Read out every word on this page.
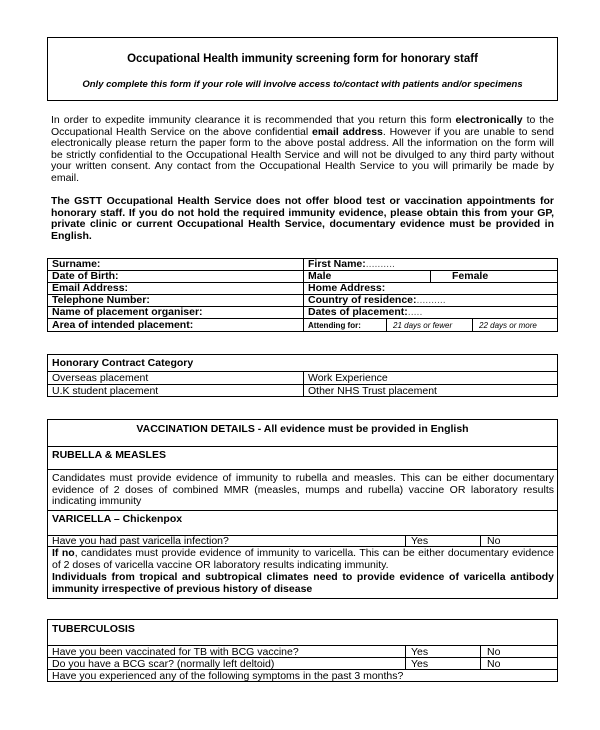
Occupational Health immunity screening form for honorary staff
Only complete this form if your role will involve access to/contact with patients and/or specimens
In order to expedite immunity clearance it is recommended that you return this form electronically to the Occupational Health Service on the above confidential email address. However if you are unable to send electronically please return the paper form to the above postal address. All the information on the form will be strictly confidential to the Occupational Health Service and will not be divulged to any third party without your written consent. Any contact from the Occupational Health Service to you will primarily be made by email.
The GSTT Occupational Health Service does not offer blood test or vaccination appointments for honorary staff. If you do not hold the required immunity evidence, please obtain this from your GP, private clinic or current Occupational Health Service, documentary evidence must be provided in English.
Surname:	First Name:..........
Date of Birth:	Male	Female
Email Address:	Home Address:
Telephone Number:	Country of residence:..........
Name of placement organiser:	Dates of placement:.....
Area of intended placement:	Attending for:	21 days or fewer	22 days or more
Honorary Contract Category
Overseas placement	Work Experience
U.K student placement	Other NHS Trust placement
VACCINATION DETAILS - All evidence must be provided in English
RUBELLA & MEASLES
Candidates must provide evidence of immunity to rubella and measles. This can be either documentary evidence of 2 doses of combined MMR (measles, mumps and rubella) vaccine OR laboratory results indicating immunity
VARICELLA – Chickenpox
Have you had past varicella infection?	Yes	No
If no, candidates must provide evidence of immunity to varicella. This can be either documentary evidence of 2 doses of varicella vaccine OR laboratory results indicating immunity.
Individuals from tropical and subtropical climates need to provide evidence of varicella antibody immunity irrespective of previous history of disease
TUBERCULOSIS
Have you been vaccinated for TB with BCG vaccine?	Yes	No
Do you have a BCG scar? (normally left deltoid)	Yes	No
Have you experienced any of the following symptoms in the past 3 months?
